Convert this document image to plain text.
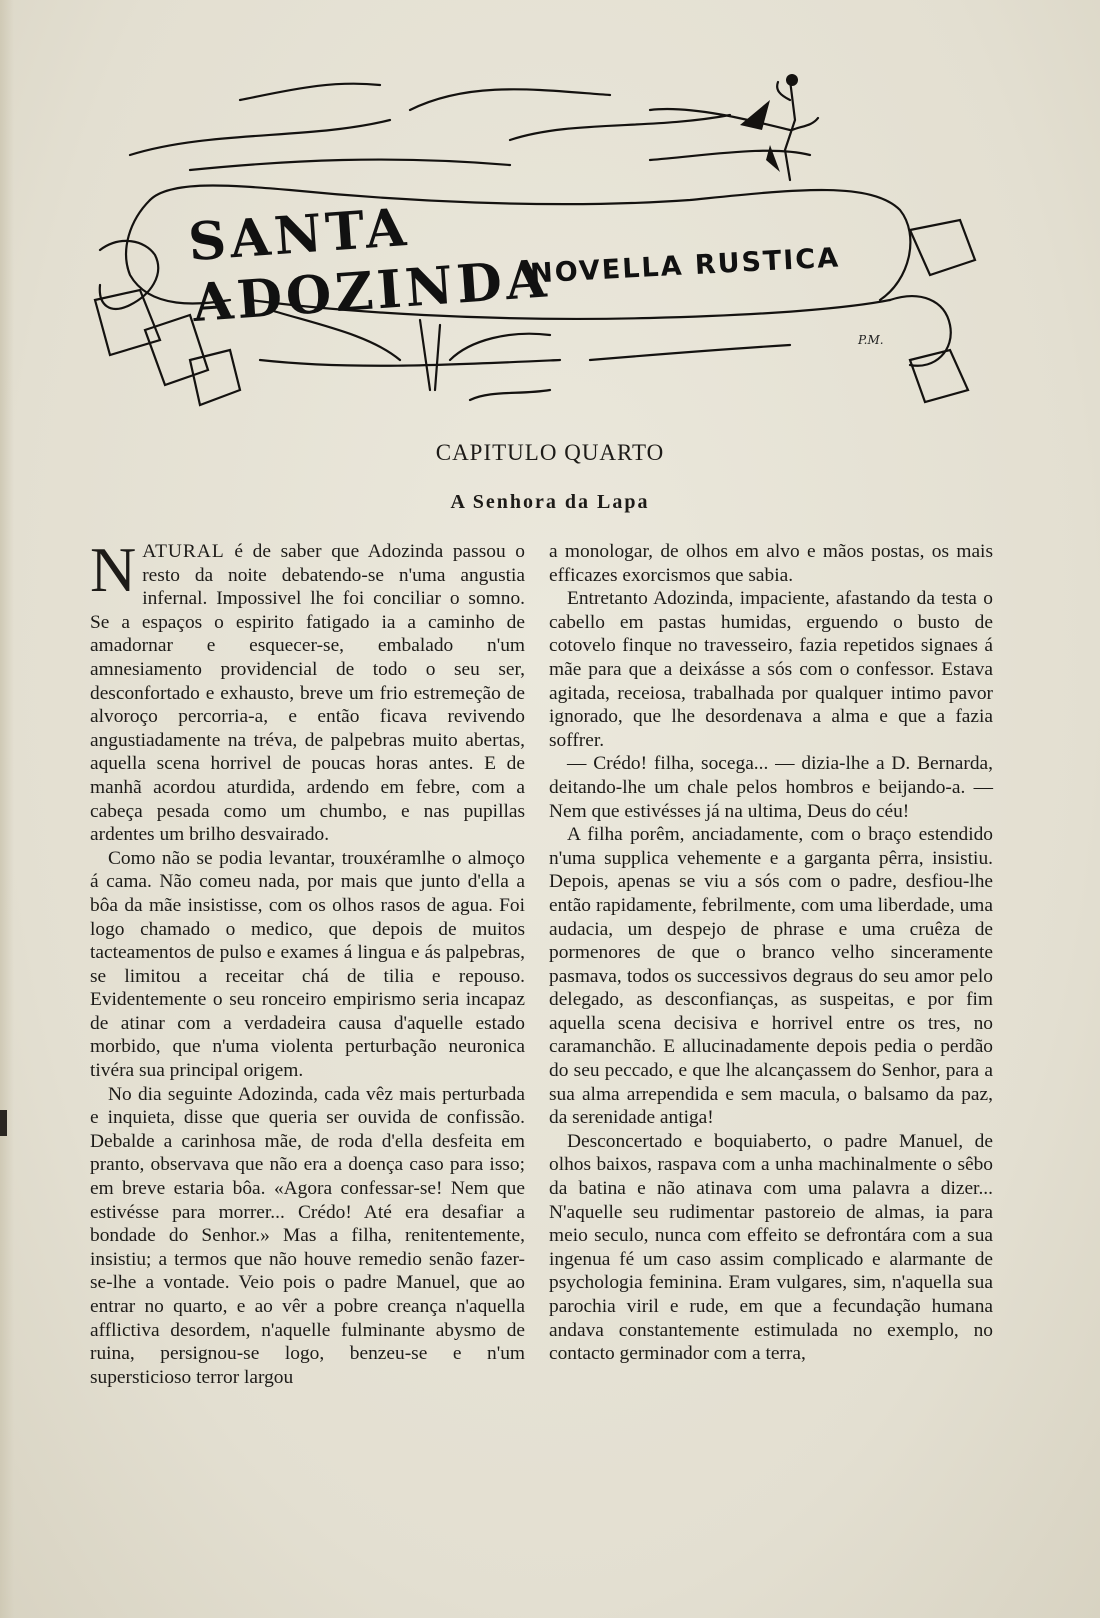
SANTA ADOZINDA
NOVELLA RUSTICA
P.M.
CAPITULO QUARTO
A Senhora da Lapa

NATURAL é de saber que Adozinda passou o resto da noite debatendo-se n'uma angustia infernal. Impossivel lhe foi conciliar o somno. Se a espaços o espirito fatigado ia a caminho de amadornar e esquecer-se, embalado n'um amnesiamento providencial de todo o seu ser, desconfortado e exhausto, breve um frio estremeção de alvoroço percorria-a, e então ficava revivendo angustiadamente na tréva, de palpebras muito abertas, aquella scena horrivel de poucas horas antes. E de manhã acordou aturdida, ardendo em febre, com a cabeça pesada como um chumbo, e nas pupillas ardentes um brilho desvairado.

Como não se podia levantar, trouxéramlhe o almoço á cama. Não comeu nada, por mais que junto d'ella a bôa da mãe insistisse, com os olhos rasos de agua. Foi logo chamado o medico, que depois de muitos tacteamentos de pulso e exames á lingua e ás palpebras, se limitou a receitar chá de tilia e repouso. Evidentemente o seu ronceiro empirismo seria incapaz de atinar com a verdadeira causa d'aquelle estado morbido, que n'uma violenta perturbação neuronica tivéra sua principal origem.

No dia seguinte Adozinda, cada vêz mais perturbada e inquieta, disse que queria ser ouvida de confissão. Debalde a carinhosa mãe, de roda d'ella desfeita em pranto, observava que não era a doença caso para isso; em breve estaria bôa. «Agora confessar-se! Nem que estivésse para morrer... Crédo! Até era desafiar a bondade do Senhor.» Mas a filha, renitentemente, insistiu; a termos que não houve remedio senão fazer-se-lhe a vontade. Veio pois o padre Manuel, que ao entrar no quarto, e ao vêr a pobre creança n'aquella afflictiva desordem, n'aquelle fulminante abysmo de ruina, persignou-se logo, benzeu-se e n'um supersticioso terror largou

a monologar, de olhos em alvo e mãos postas, os mais efficazes exorcismos que sabia.

Entretanto Adozinda, impaciente, afastando da testa o cabello em pastas humidas, erguendo o busto de cotovelo finque no travesseiro, fazia repetidos signaes á mãe para que a deixásse a sós com o confessor. Estava agitada, receiosa, trabalhada por qualquer intimo pavor ignorado, que lhe desordenava a alma e que a fazia soffrer.

— Crédo! filha, socega... — dizia-lhe a D. Bernarda, deitando-lhe um chale pelos hombros e beijando-a. — Nem que estivésses já na ultima, Deus do céu!

A filha porêm, anciadamente, com o braço estendido n'uma supplica vehemente e a garganta pêrra, insistiu. Depois, apenas se viu a sós com o padre, desfiou-lhe então rapidamente, febrilmente, com uma liberdade, uma audacia, um despejo de phrase e uma cruêza de pormenores de que o branco velho sinceramente pasmava, todos os successivos degraus do seu amor pelo delegado, as desconfianças, as suspeitas, e por fim aquella scena decisiva e horrivel entre os tres, no caramanchão. E allucinadamente depois pedia o perdão do seu peccado, e que lhe alcançassem do Senhor, para a sua alma arrependida e sem macula, o balsamo da paz, da serenidade antiga!

Desconcertado e boquiaberto, o padre Manuel, de olhos baixos, raspava com a unha machinalmente o sêbo da batina e não atinava com uma palavra a dizer... N'aquelle seu rudimentar pastoreio de almas, ia para meio seculo, nunca com effeito se defrontára com a sua ingenua fé um caso assim complicado e alarmante de psychologia feminina. Eram vulgares, sim, n'aquella sua parochia viril e rude, em que a fecundação humana andava constantemente estimulada no exemplo, no contacto germinador com a terra,
